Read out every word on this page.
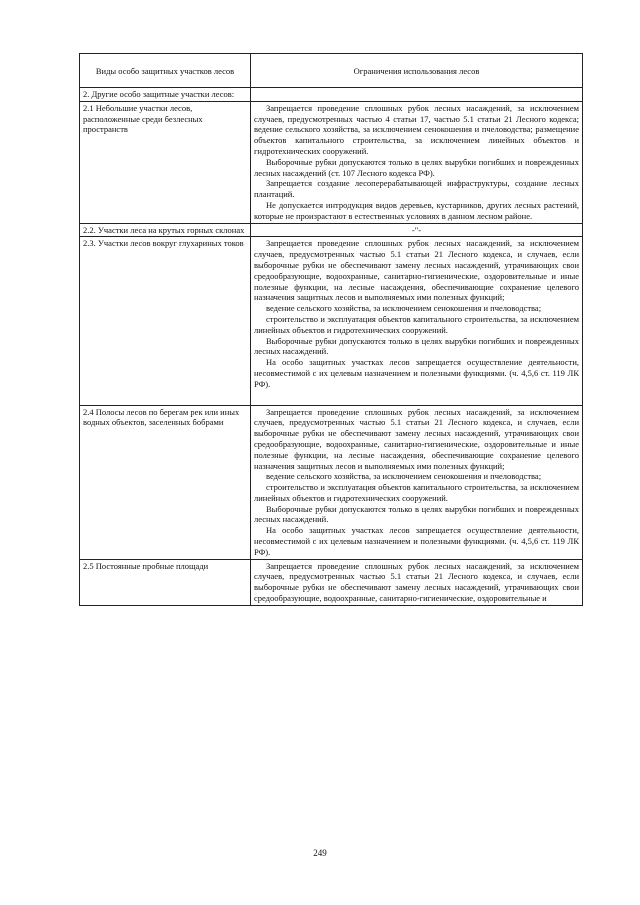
Виды особо защитных участков лесов	Ограничения использования лесов
2. Другие особо защитные участки лесов:	
2.1 Небольшие участки лесов, расположенные среди безлесных пространств	Запрещается проведение сплошных рубок лесных насаждений, за исключением случаев, предусмотренных частью 4 статьи 17, частью 5.1 статьи 21 Лесного кодекса; ведение сельского хозяйства, за исключением сенокошения и пчеловодства; размещение объектов капитального строительства, за исключением линейных объектов и гидротехнических сооружений.

Выборочные рубки допускаются только в целях вырубки погибших и поврежденных лесных насаждений (ст. 107 Лесного кодекса РФ).

Запрещается создание лесоперерабатывающей инфраструктуры, создание лесных плантаций.

Не допускается интродукция видов деревьев, кустарников, других лесных растений, которые не произрастают в естественных условиях в данном лесном районе.

2.2. Участки леса на крутых горных склонах	-"-
2.3. Участки лесов вокруг глухариных токов	Запрещается проведение сплошных рубок лесных насаждений, за исключением случаев, предусмотренных частью 5.1 статьи 21 Лесного кодекса, и случаев, если выборочные рубки не обеспечивают замену лесных насаждений, утрачивающих свои средообразующие, водоохранные, санитарно-гигиенические, оздоровительные и иные полезные функции, на лесные насаждения, обеспечивающие сохранение целевого назначения защитных лесов и выполняемых ими полезных функций;

ведение сельского хозяйства, за исключением сенокошения и пчеловодства;

строительство и эксплуатация объектов капитального строительства, за исключением линейных объектов и гидротехнических сооружений.

Выборочные рубки допускаются только в целях вырубки погибших и поврежденных лесных насаждений.

На особо защитных участках лесов запрещается осуществление деятельности, несовместимой с их целевым назначением и полезными функциями. (ч. 4,5,6 ст. 119 ЛК РФ).

2.4 Полосы лесов по берегам рек или иных водных объектов, заселенных бобрами	Запрещается проведение сплошных рубок лесных насаждений, за исключением случаев, предусмотренных частью 5.1 статьи 21 Лесного кодекса, и случаев, если выборочные рубки не обеспечивают замену лесных насаждений, утрачивающих свои средообразующие, водоохранные, санитарно-гигиенические, оздоровительные и иные полезные функции, на лесные насаждения, обеспечивающие сохранение целевого назначения защитных лесов и выполняемых ими полезных функций;

ведение сельского хозяйства, за исключением сенокошения и пчеловодства;

строительство и эксплуатация объектов капитального строительства, за исключением линейных объектов и гидротехнических сооружений.

Выборочные рубки допускаются только в целях вырубки погибших и поврежденных лесных насаждений.

На особо защитных участках лесов запрещается осуществление деятельности, несовместимой с их целевым назначением и полезными функциями. (ч. 4,5,6 ст. 119 ЛК РФ).

2.5 Постоянные пробные площади	Запрещается проведение сплошных рубок лесных насаждений, за исключением случаев, предусмотренных частью 5.1 статьи 21 Лесного кодекса, и случаев, если выборочные рубки не обеспечивают замену лесных насаждений, утрачивающих свои средообразующие, водоохранные, санитарно-гигиенические, оздоровительные и

249
